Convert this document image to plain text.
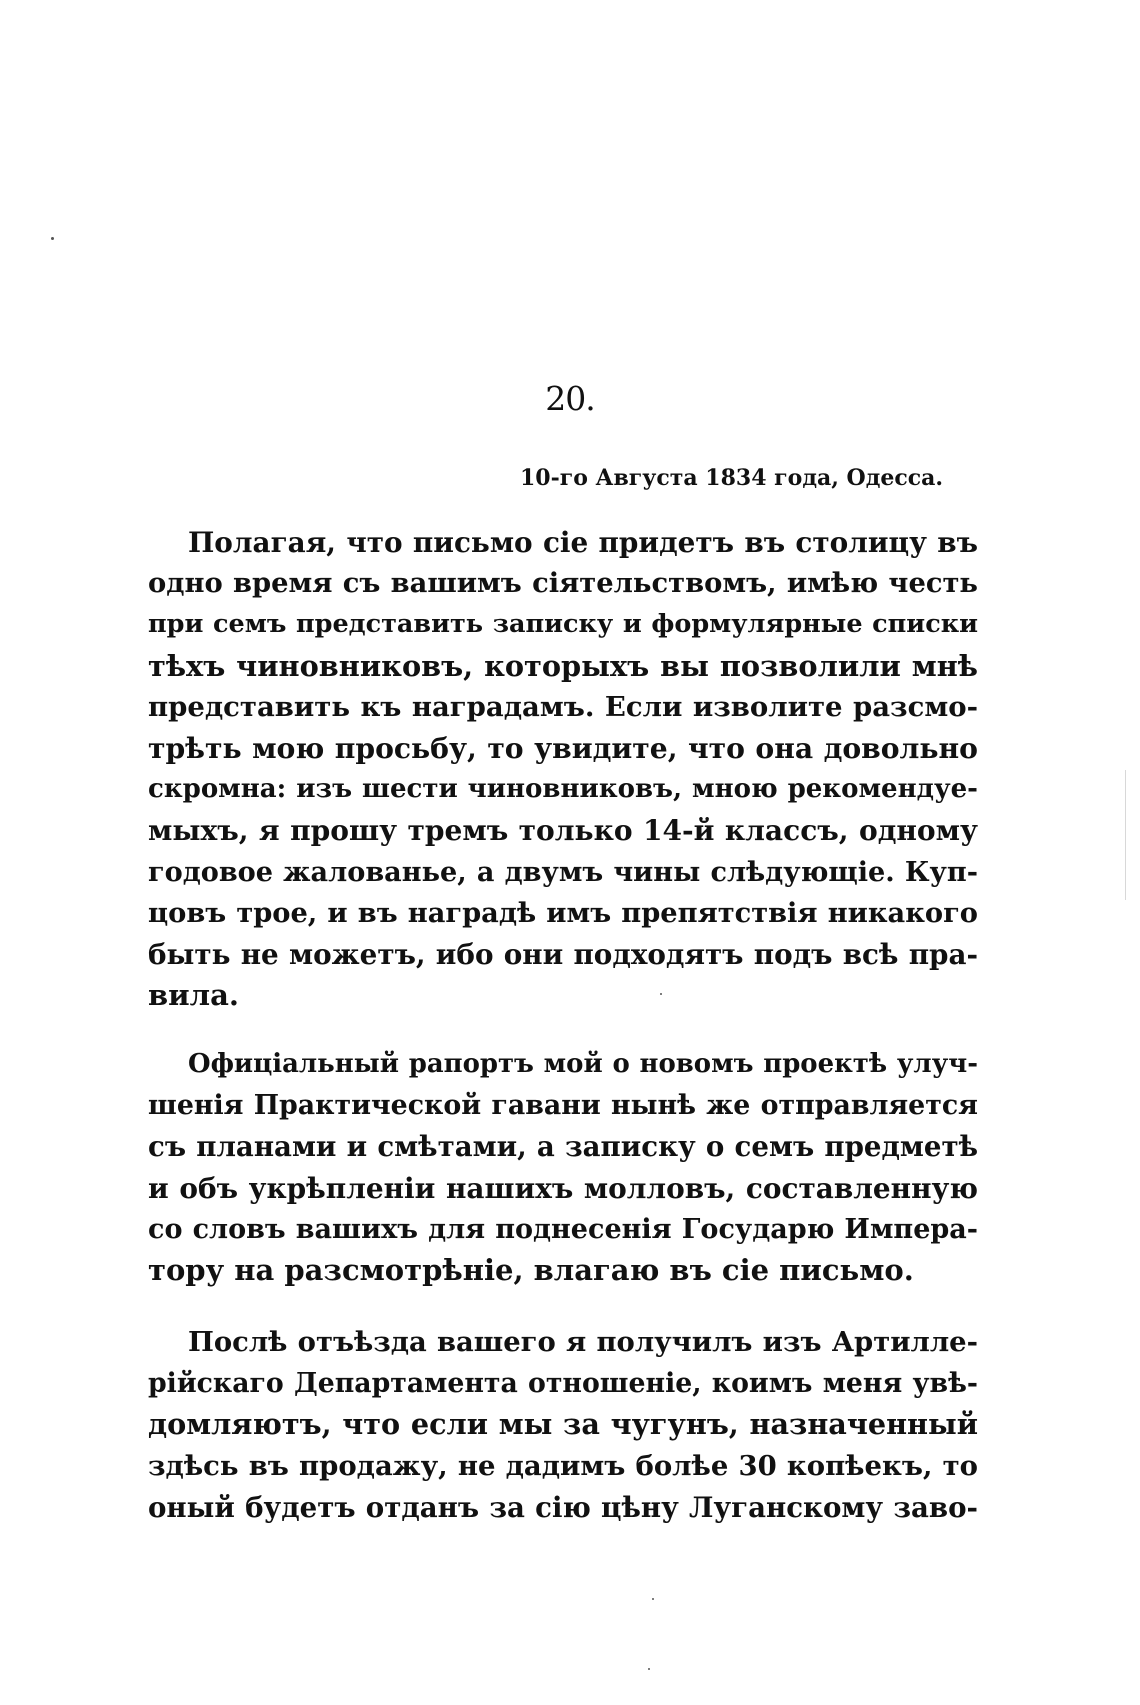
20.
10-го Августа 1834 года, Одесса.
Полагая, что письмо сіе придетъ въ столицу въ
одно время съ вашимъ сіятельствомъ, имѣю честь
при семъ представить записку и формулярные списки
тѣхъ чиновниковъ, которыхъ вы позволили мнѣ
представить къ наградамъ. Если изволите разсмо-
трѣть мою просьбу, то увидите, что она довольно
скромна: изъ шести чиновниковъ, мною рекомендуе-
мыхъ, я прошу тремъ только 14-й классъ, одному
годовое жалованье, а двумъ чины слѣдующіе. Куп-
цовъ трое, и въ наградѣ имъ препятствія никакого
быть не можетъ, ибо они подходятъ подъ всѣ пра-
вила.
Офиціальный рапортъ мой о новомъ проектѣ улуч-
шенія Практической гавани нынѣ же отправляется
съ планами и смѣтами, а записку о семъ предметѣ
и объ укрѣпленіи нашихъ молловъ, составленную
со словъ вашихъ для поднесенія Государю Импера-
тору на разсмотрѣніе, влагаю въ сіе письмо.
Послѣ отъѣзда вашего я получилъ изъ Артилле-
рійскаго Департамента отношеніе, коимъ меня увѣ-
домляютъ, что если мы за чугунъ, назначенный
здѣсь въ продажу, не дадимъ болѣе 30 копѣекъ, то
оный будетъ отданъ за сію цѣну Луганскому заво-
